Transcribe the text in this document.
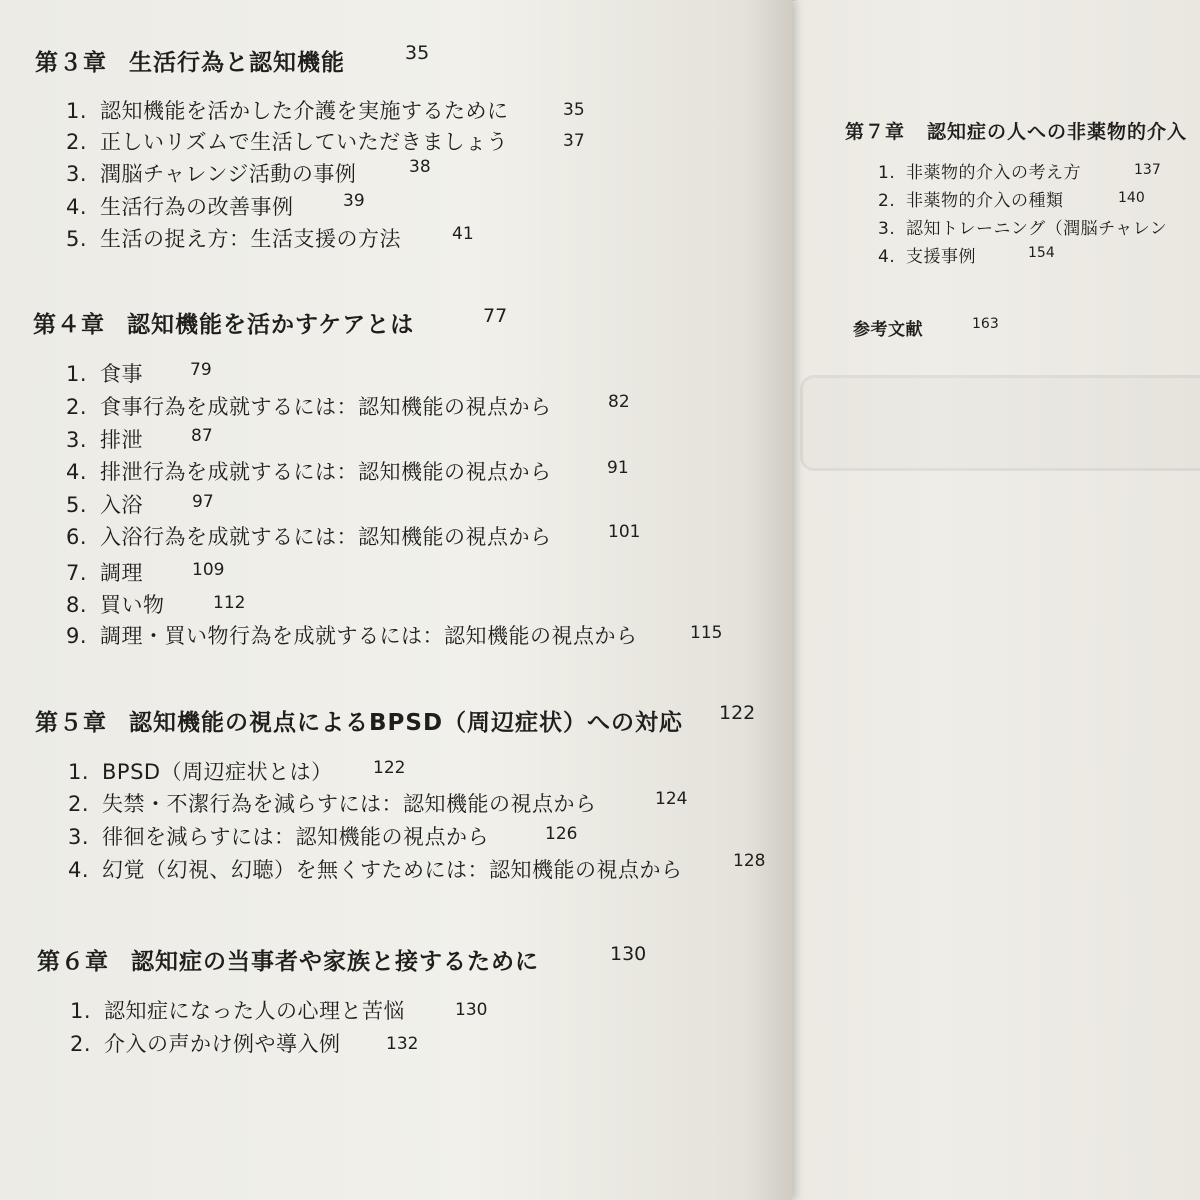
第７章 認知症の人への非薬物的介入
1. 非薬物的介入の考え方	137
2. 非薬物的介入の種類	140
3. 認知トレーニング（潤脳チャレン
4. 支援事例	154
参考文献	163
第３章 生活行為と認知機能	35
1. 認知機能を活かした介護を実施するために	35
2. 正しいリズムで生活していただきましょう	37
3. 潤脳チャレンジ活動の事例	38
4. 生活行為の改善事例	39
5. 生活の捉え方：生活支援の方法	41
第４章 認知機能を活かすケアとは	77
1. 食事	79
2. 食事行為を成就するには：認知機能の視点から	82
3. 排泄	87
4. 排泄行為を成就するには：認知機能の視点から	91
5. 入浴	97
6. 入浴行為を成就するには：認知機能の視点から	101
7. 調理	109
8. 買い物	112
9. 調理・買い物行為を成就するには：認知機能の視点から	115
第５章 認知機能の視点によるBPSD（周辺症状）への対応 122
1. BPSD（周辺症状とは） 122
2. 失禁・不潔行為を減らすには：認知機能の視点から	124
3. 徘徊を減らすには：認知機能の視点から	126
4. 幻覚（幻視、幻聴）を無くすためには：認知機能の視点から	128
第６章 認知症の当事者や家族と接するために	130
1. 認知症になった人の心理と苦悩	130
2. 介入の声かけ例や導入例	132
